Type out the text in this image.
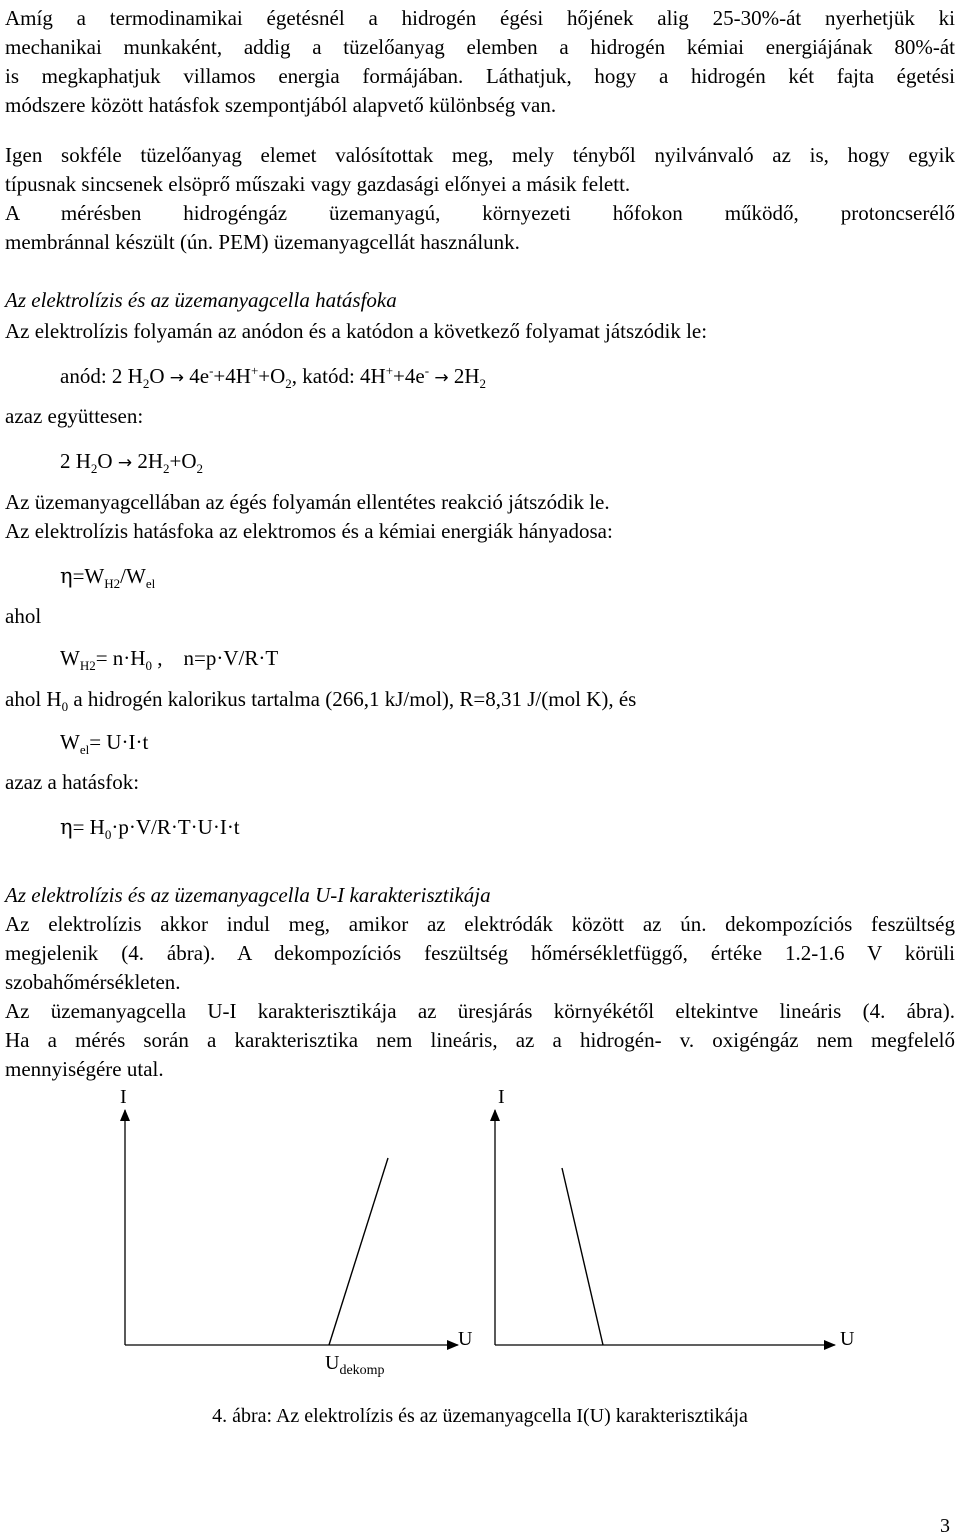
Amíg a termodinamikai égetésnél a hidrogén égési hőjének alig 25-30%-át nyerhetjük ki

mechanikai munkaként, addig a tüzelőanyag elemben a hidrogén kémiai energiájának 80%-át

is megkaphatjuk villamos energia formájában. Láthatjuk, hogy a hidrogén két fajta égetési

módszere között hatásfok szempontjából alapvető különbség van.

Igen sokféle tüzelőanyag elemet valósítottak meg, mely tényből nyilvánvaló az is, hogy egyik

típusnak sincsenek elsöprő műszaki vagy gazdasági előnyei a másik felett.

A mérésben hidrogéngáz üzemanyagú, környezeti hőfokon működő, protoncserélő

membránnal készült (ún. PEM) üzemanyagcellát használunk.

Az elektrolízis és az üzemanyagcella hatásfoka
Az elektrolízis folyamán az anódon és a katódon a következő folyamat játszódik le:
anód: 2 $H_2O \to 4e^-+4H^++O_2$, katód: $4H^++4e^- \to 2H_2$
azaz együttesen:
2 $H_2O \to 2H_2+O_2$
Az üzemanyagcellában az égés folyamán ellentétes reakció játszódik le.
Az elektrolízis hatásfoka az elektromos és a kémiai energiák hányadosa:
$\eta=W_{H2}/W_{el}$
ahol
$W_{H2}= n\cdot H_0$ ,    n=p·V/R·T
ahol $H_0$ a hidrogén kalorikus tartalma (266,1 kJ/mol), R=8,31 J/(mol K), és
$W_{el}= U\cdot I\cdot t$
azaz a hatásfok:
$\eta= H_0\cdot p\cdot V/R\cdot T\cdot U\cdot I\cdot t$
Az elektrolízis és az üzemanyagcella U-I karakterisztikája

Az elektrolízis akkor indul meg, amikor az elektródák között az ún. dekompozíciós feszültség

megjelenik (4. ábra). A dekompozíciós feszültség hőmérsékletfüggő, értéke 1.2-1.6 V körüli

szobahőmérsékleten.

Az üzemanyagcella U-I karakterisztikája az üresjárás környékétől eltekintve lineáris (4. ábra).

Ha a mérés során a karakterisztika nem lineáris, az a hidrogén- v. oxigéngáz nem megfelelő

mennyiségére utal.

I
U
$U_{dekomp}$
I
U
4. ábra: Az elektrolízis és az üzemanyagcella I(U) karakterisztikája
3
